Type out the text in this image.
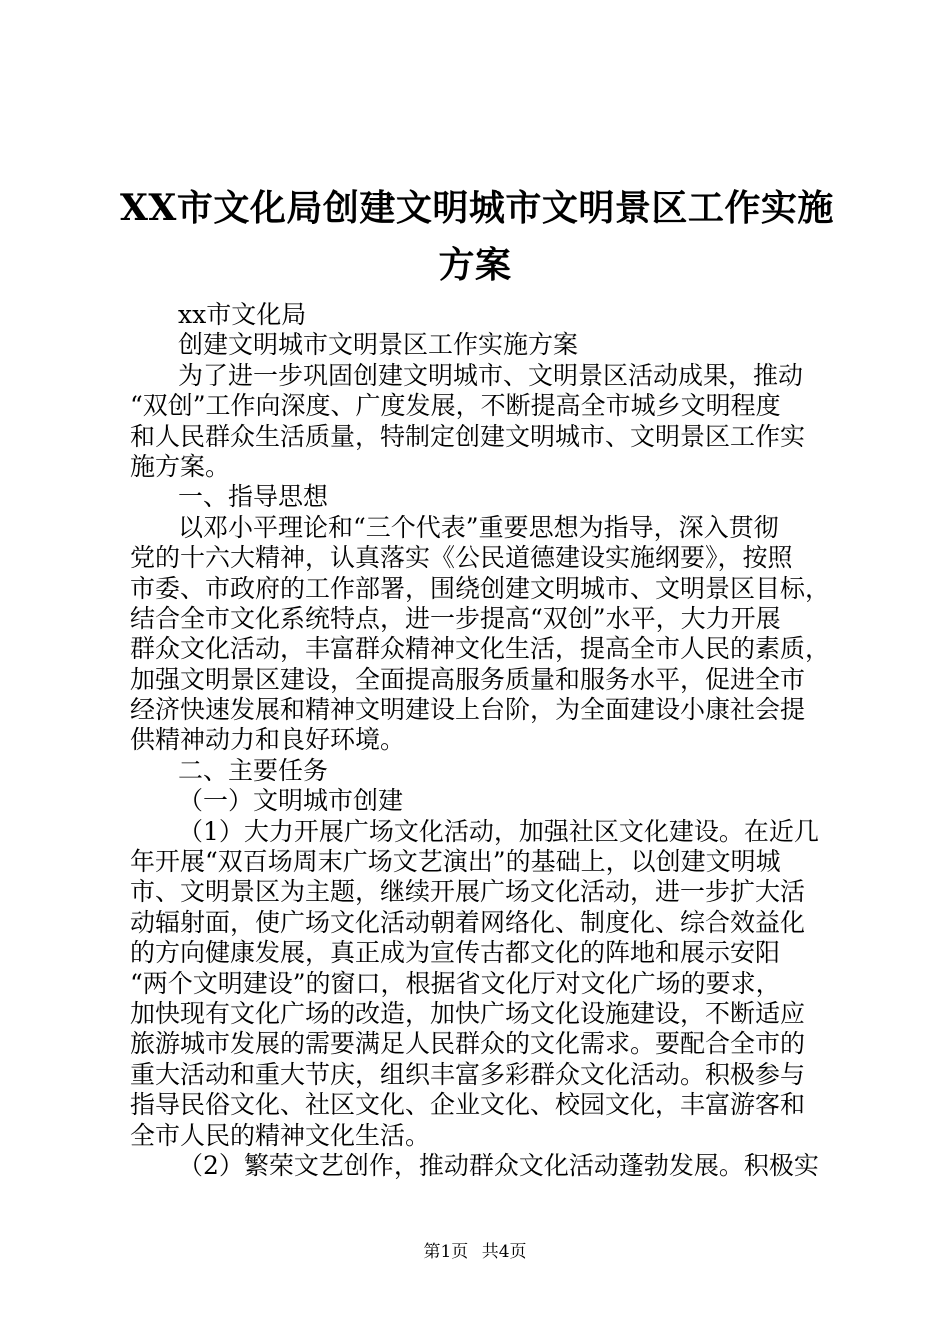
XX市文化局创建文明城市文明景区工作实施
方案
xx市文化局
创建文明城市文明景区工作实施方案
为了进一步巩固创建文明城市、文明景区活动成果，推动
“双创”工作向深度、广度发展，不断提高全市城乡文明程度
和人民群众生活质量，特制定创建文明城市、文明景区工作实
施方案。
一、指导思想
以邓小平理论和“三个代表”重要思想为指导，深入贯彻
党的十六大精神，认真落实《公民道德建设实施纲要》，按照
市委、市政府的工作部署，围绕创建文明城市、文明景区目标，
结合全市文化系统特点，进一步提高“双创”水平，大力开展
群众文化活动，丰富群众精神文化生活，提高全市人民的素质，
加强文明景区建设，全面提高服务质量和服务水平，促进全市
经济快速发展和精神文明建设上台阶，为全面建设小康社会提
供精神动力和良好环境。
二、主要任务
（一）文明城市创建
（1）大力开展广场文化活动，加强社区文化建设。在近几
年开展“双百场周末广场文艺演出”的基础上，以创建文明城
市、文明景区为主题，继续开展广场文化活动，进一步扩大活
动辐射面，使广场文化活动朝着网络化、制度化、综合效益化
的方向健康发展，真正成为宣传古都文化的阵地和展示安阳
“两个文明建设”的窗口，根据省文化厅对文化广场的要求，
加快现有文化广场的改造，加快广场文化设施建设，不断适应
旅游城市发展的需要满足人民群众的文化需求。要配合全市的
重大活动和重大节庆，组织丰富多彩群众文化活动。积极参与
指导民俗文化、社区文化、企业文化、校园文化，丰富游客和
全市人民的精神文化生活。
（2）繁荣文艺创作，推动群众文化活动蓬勃发展。积极实
第1页 共4页
